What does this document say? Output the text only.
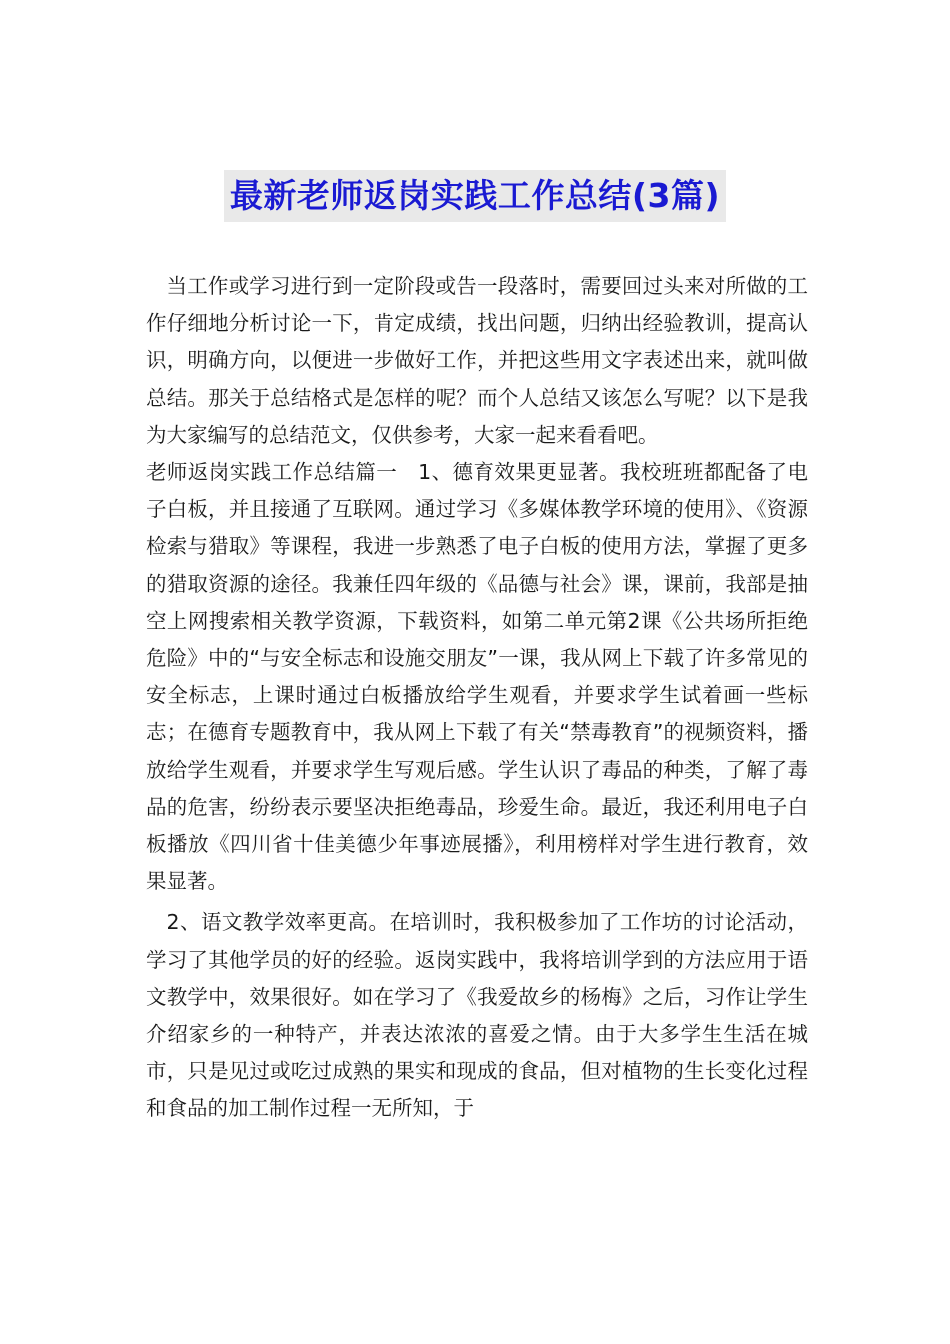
最新老师返岗实践工作总结(3篇)

当工作或学习进行到一定阶段或告一段落时，需要回过头来对所做的工作仔细地分析讨论一下，肯定成绩，找出问题，归纳出经验教训，提高认识，明确方向，以便进一步做好工作，并把这些用文字表述出来，就叫做总结。那关于总结格式是怎样的呢？而个人总结又该怎么写呢？以下是我为大家编写的总结范文，仅供参考，大家一起来看看吧。

老师返岗实践工作总结篇一　1、德育效果更显著。我校班班都配备了电子白板，并且接通了互联网。通过学习《多媒体教学环境的使用》、《资源检索与猎取》等课程，我进一步熟悉了电子白板的使用方法，掌握了更多的猎取资源的途径。我兼任四年级的《品德与社会》课，课前，我部是抽空上网搜索相关教学资源，下载资料，如第二单元第2课《公共场所拒绝危险》中的“与安全标志和设施交朋友”一课，我从网上下载了许多常见的安全标志，上课时通过白板播放给学生观看，并要求学生试着画一些标志；在德育专题教育中，我从网上下载了有关“禁毒教育”的视频资料，播放给学生观看，并要求学生写观后感。学生认识了毒品的种类，了解了毒品的危害，纷纷表示要坚决拒绝毒品，珍爱生命。最近，我还利用电子白板播放《四川省十佳美德少年事迹展播》，利用榜样对学生进行教育，效果显著。

2、语文教学效率更高。在培训时，我积极参加了工作坊的讨论活动，学习了其他学员的好的经验。返岗实践中，我将培训学到的方法应用于语文教学中，效果很好。如在学习了《我爱故乡的杨梅》之后，习作让学生介绍家乡的一种特产，并表达浓浓的喜爱之情。由于大多学生生活在城市，只是见过或吃过成熟的果实和现成的食品，但对植物的生长变化过程和食品的加工制作过程一无所知，于
